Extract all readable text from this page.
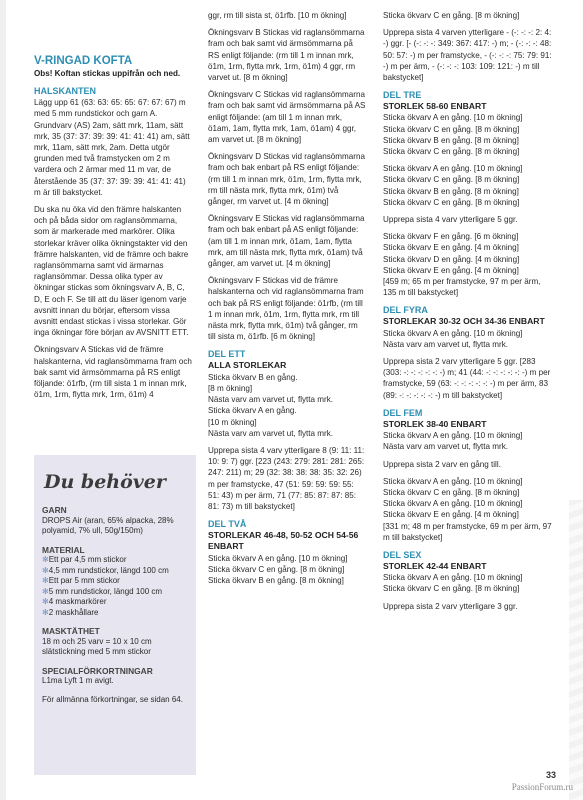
V-RINGAD KOFTA

Obs! Koftan stickas uppifrån och ned.

HALSKANTEN

Lägg upp 61 (63: 63: 65: 65: 67: 67: 67) m med 5 mm rundstickor och garn A.

Grundvarv (AS) 2am, sätt mrk, 11am, sätt mrk, 35 (37: 37: 39: 39: 41: 41: 41) am, sätt mrk, 11am, sätt mrk, 2am. Detta utgör grunden med två framstycken om 2 m vardera och 2 ärmar med 11 m var, de återstående 35 (37: 37: 39: 39: 41: 41: 41) m är till bakstycket.

Du ska nu öka vid den främre halskanten och på båda sidor om raglansömmarna, som är markerade med markörer. Olika storlekar kräver olika ökningstakter vid den främre halskanten, vid de främre och bakre raglansömmarna samt vid ärmarnas raglansömmar. Dessa olika typer av ökningar stickas som ökningsvarv A, B, C, D, E och F. Se till att du läser igenom varje avsnitt innan du börjar, eftersom vissa avsnitt endast stickas i vissa storlekar. Gör inga ökningar före början av AVSNITT ETT.

Ökningsvarv A Stickas vid de främre halskanterna, vid raglansömmarna fram och bak samt vid ärmsömmarna på RS enligt följande: ö1rfb, (rm till sista 1 m innan mrk, ö1m, 1rm, flytta mrk, 1rm, ö1m) 4

Du behöver
GARN
DROPS Air (aran, 65% alpacka, 28% polyamid, 7% ull, 50g/150m)
MATERIAL
✻Ett par 4,5 mm stickor
✻4,5 mm rundstickor, längd 100 cm
✻Ett par 5 mm stickor
✻5 mm rundstickor, längd 100 cm
✻4 maskmarkörer
✻2 maskhållare
MASKTÄTHET
18 m och 25 varv = 10 x 10 cm slätstickning med 5 mm stickor
SPECIALFÖRKORTNINGAR
L1ma Lyft 1 m avigt.
För allmänna förkortningar, se sidan 64.

ggr, rm till sista st, ö1rfb. [10 m ökning]

Ökningsvarv B Stickas vid raglansömmarna fram och bak samt vid ärmsömmarna på RS enligt följande: (rm till 1 m innan mrk, ö1m, 1rm, flytta mrk, 1rm, ö1m) 4 ggr, rm varvet ut. [8 m ökning]

Ökningsvarv C Stickas vid raglansömmarna fram och bak samt vid ärmsömmarna på AS enligt följande: (am till 1 m innan mrk, ö1am, 1am, flytta mrk, 1am, ö1am) 4 ggr, am varvet ut. [8 m ökning]

Ökningsvarv D Stickas vid raglansömmarna fram och bak enbart på RS enligt följande: (rm till 1 m innan mrk, ö1m, 1rm, flytta mrk, rm till nästa mrk, flytta mrk, ö1m) två gånger, rm varvet ut. [4 m ökning]

Ökningsvarv E Stickas vid raglansömmarna fram och bak enbart på AS enligt följande: (am till 1 m innan mrk, ö1am, 1am, flytta mrk, am till nästa mrk, flytta mrk, ö1am) två gånger, am varvet ut. [4 m ökning]

Ökningsvarv F Stickas vid de främre halskanterna och vid raglansömmarna fram och bak på RS enligt följande: ö1rfb, (rm till 1 m innan mrk, ö1m, 1rm, flytta mrk, rm till nästa mrk, flytta mrk, ö1m) två gånger, rm till sista m, ö1rfb. [6 m ökning]

DEL ETT

ALLA STORLEKAR

Sticka ökvarv B en gång.
[8 m ökning]
Nästa varv am varvet ut, flytta mrk.
Sticka ökvarv A en gång.
[10 m ökning]

Nästa varv am varvet ut, flytta mrk.

Upprepa sista 4 varv ytterligare 8 (9: 11: 11: 10: 9: 7) ggr. [223 (243: 279: 281: 281: 265: 247: 211) m; 29 (32: 38: 38: 38: 35: 32: 26) m per framstycke, 47 (51: 59: 59: 59: 55: 51: 43) m per ärm, 71 (77: 85: 87: 87: 85: 81: 73) m till bakstycket]

DEL TVÅ

STORLEKAR 46-48, 50-52 OCH 54-56 ENBART

Sticka ökvarv A en gång. [10 m ökning]
Sticka ökvarv C en gång. [8 m ökning]
Sticka ökvarv B en gång. [8 m ökning]

Sticka ökvarv C en gång. [8 m ökning]

Upprepa sista 4 varven ytterligare - (-: -: -: 2: 4: -) ggr. [- (-: -: -: 349: 367: 417: -) m; - (-: -: -: 48: 50: 57: -) m per framstycke, - (-: -: -: 75: 79: 91: -) m per ärm, - (-: -: -: 103: 109: 121: -) m till bakstycket]

DEL TRE

STORLEK 58-60 ENBART

Sticka ökvarv A en gång. [10 m ökning]
Sticka ökvarv C en gång. [8 m ökning]
Sticka ökvarv B en gång. [8 m ökning]

Sticka ökvarv C en gång. [8 m ökning]

Sticka ökvarv A en gång. [10 m ökning]
Sticka ökvarv C en gång. [8 m ökning]
Sticka ökvarv B en gång. [8 m ökning]

Sticka ökvarv C en gång. [8 m ökning]

Upprepa sista 4 varv ytterligare 5 ggr.

Sticka ökvarv F en gång. [6 m ökning]
Sticka ökvarv E en gång. [4 m ökning]
Sticka ökvarv D en gång. [4 m ökning]
Sticka ökvarv E en gång. [4 m ökning]

[459 m; 65 m per framstycke, 97 m per ärm, 135 m till bakstycket]

DEL FYRA

STORLEKAR 30-32 OCH 34-36 ENBART

Sticka ökvarv A en gång. [10 m ökning]

Nästa varv am varvet ut, flytta mrk.

Upprepa sista 2 varv ytterligare 5 ggr. [283 (303: -: -: -: -: -: -) m; 41 (44: -: -: -: -: -: -) m per framstycke, 59 (63: -: -: -: -: -: -) m per ärm, 83 (89: -: -: -: -: -: -) m till bakstycket]

DEL FEM

STORLEK 38-40 ENBART

Sticka ökvarv A en gång. [10 m ökning]

Nästa varv am varvet ut, flytta mrk.

Upprepa sista 2 varv en gång till.

Sticka ökvarv A en gång. [10 m ökning]
Sticka ökvarv C en gång. [8 m ökning]
Sticka ökvarv A en gång. [10 m ökning]
Sticka ökvarv E en gång. [4 m ökning]

[331 m; 48 m per framstycke, 69 m per ärm, 97 m till bakstycket]

DEL SEX

STORLEK 42-44 ENBART

Sticka ökvarv A en gång. [10 m ökning]

Sticka ökvarv C en gång. [8 m ökning]

Upprepa sista 2 varv ytterligare 3 ggr.

33
PassionForum.ru
